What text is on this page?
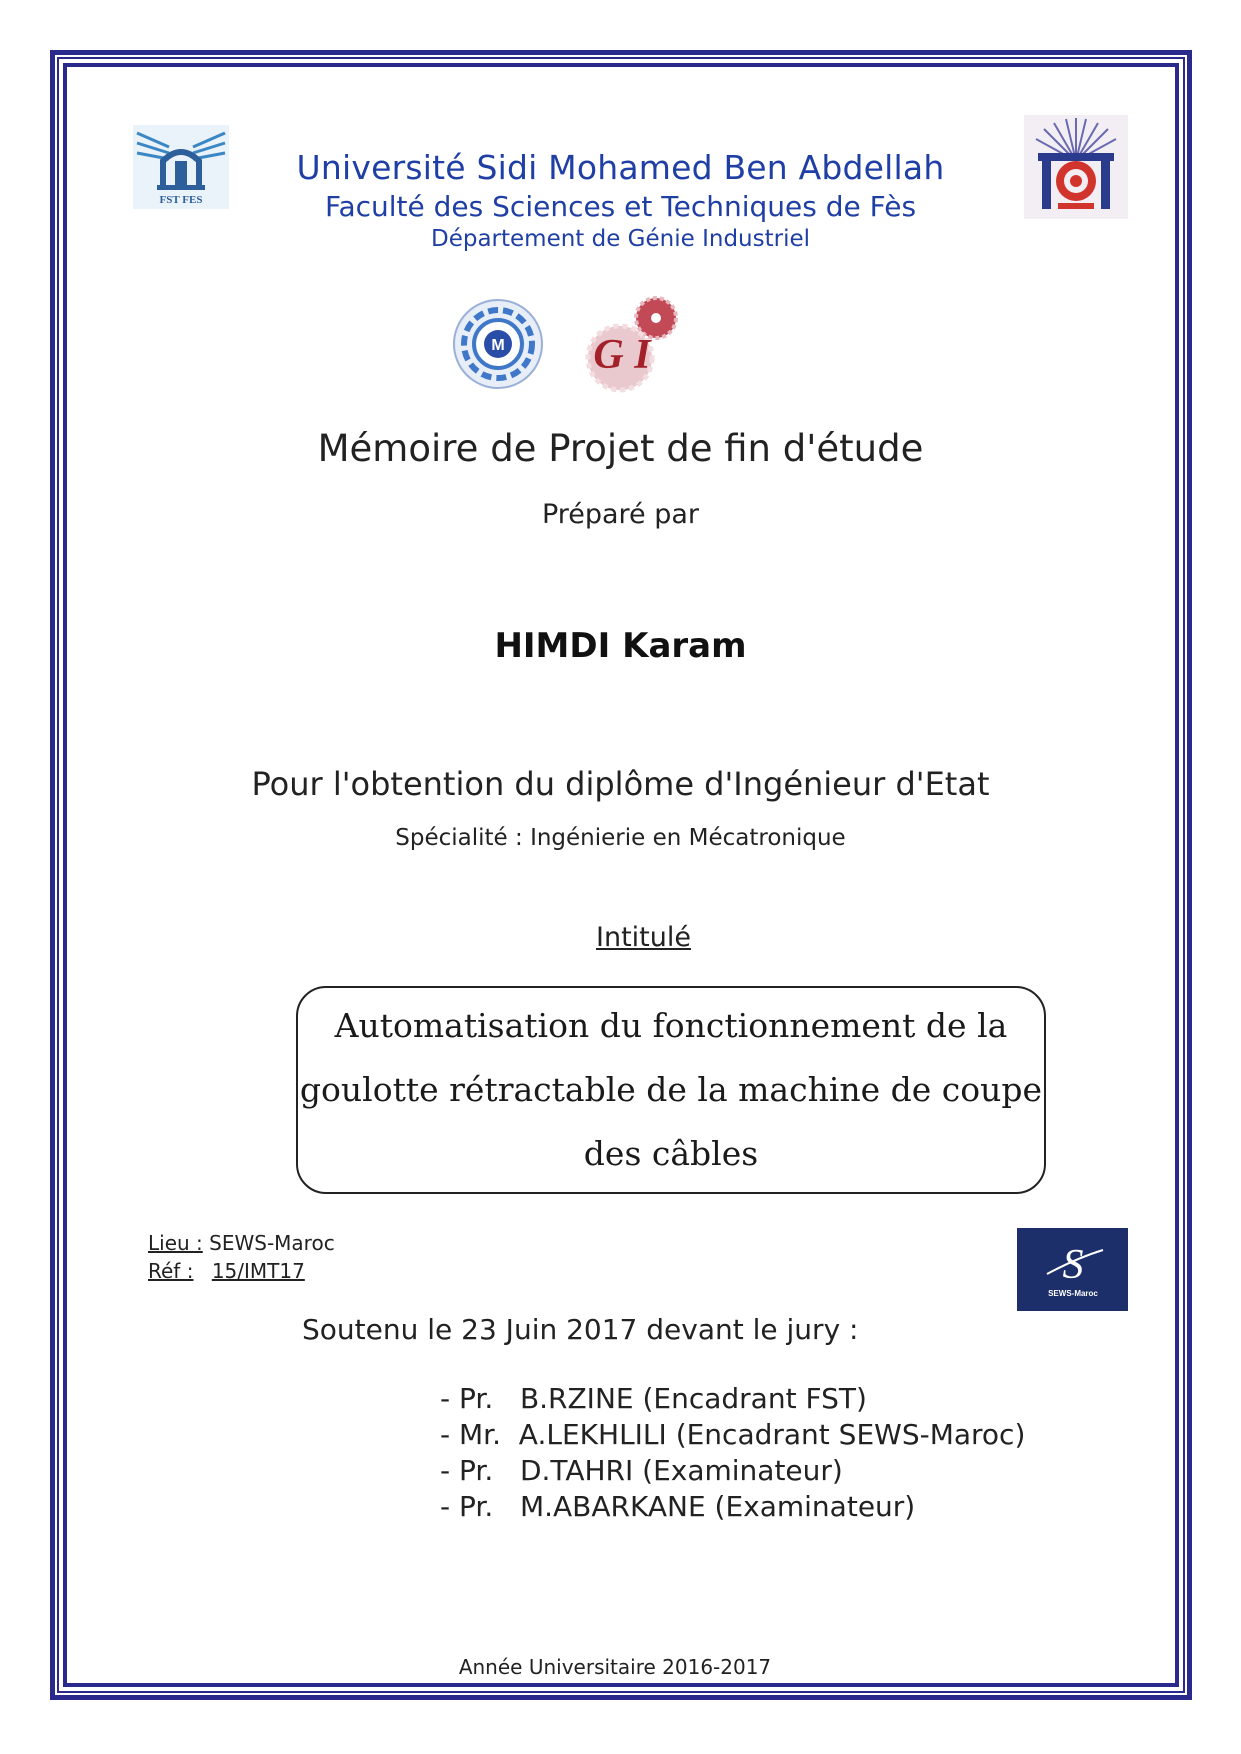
FST FES
Université Sidi Mohamed Ben Abdellah
Faculté des Sciences et Techniques de Fès
Département de Génie Industriel
M G I
Mémoire de Projet de fin d'étude
Préparé par
HIMDI Karam
Pour l'obtention du diplôme d'Ingénieur d'Etat
Spécialité : Ingénierie en Mécatronique
Intitulé
Automatisation du fonctionnement de la
goulotte rétractable de la machine de coupe
des câbles
Lieu : SEWS-Maroc
Réf : 15/IMT17	S
SEWS-Maroc
Soutenu le 23 Juin 2017 devant le jury :
- Pr.   B.RZINE (Encadrant FST)
- Mr.  A.LEKHLILI (Encadrant SEWS-Maroc)
- Pr.   D.TAHRI (Examinateur)
- Pr.   M.ABARKANE (Examinateur)
Année Universitaire 2016-2017
